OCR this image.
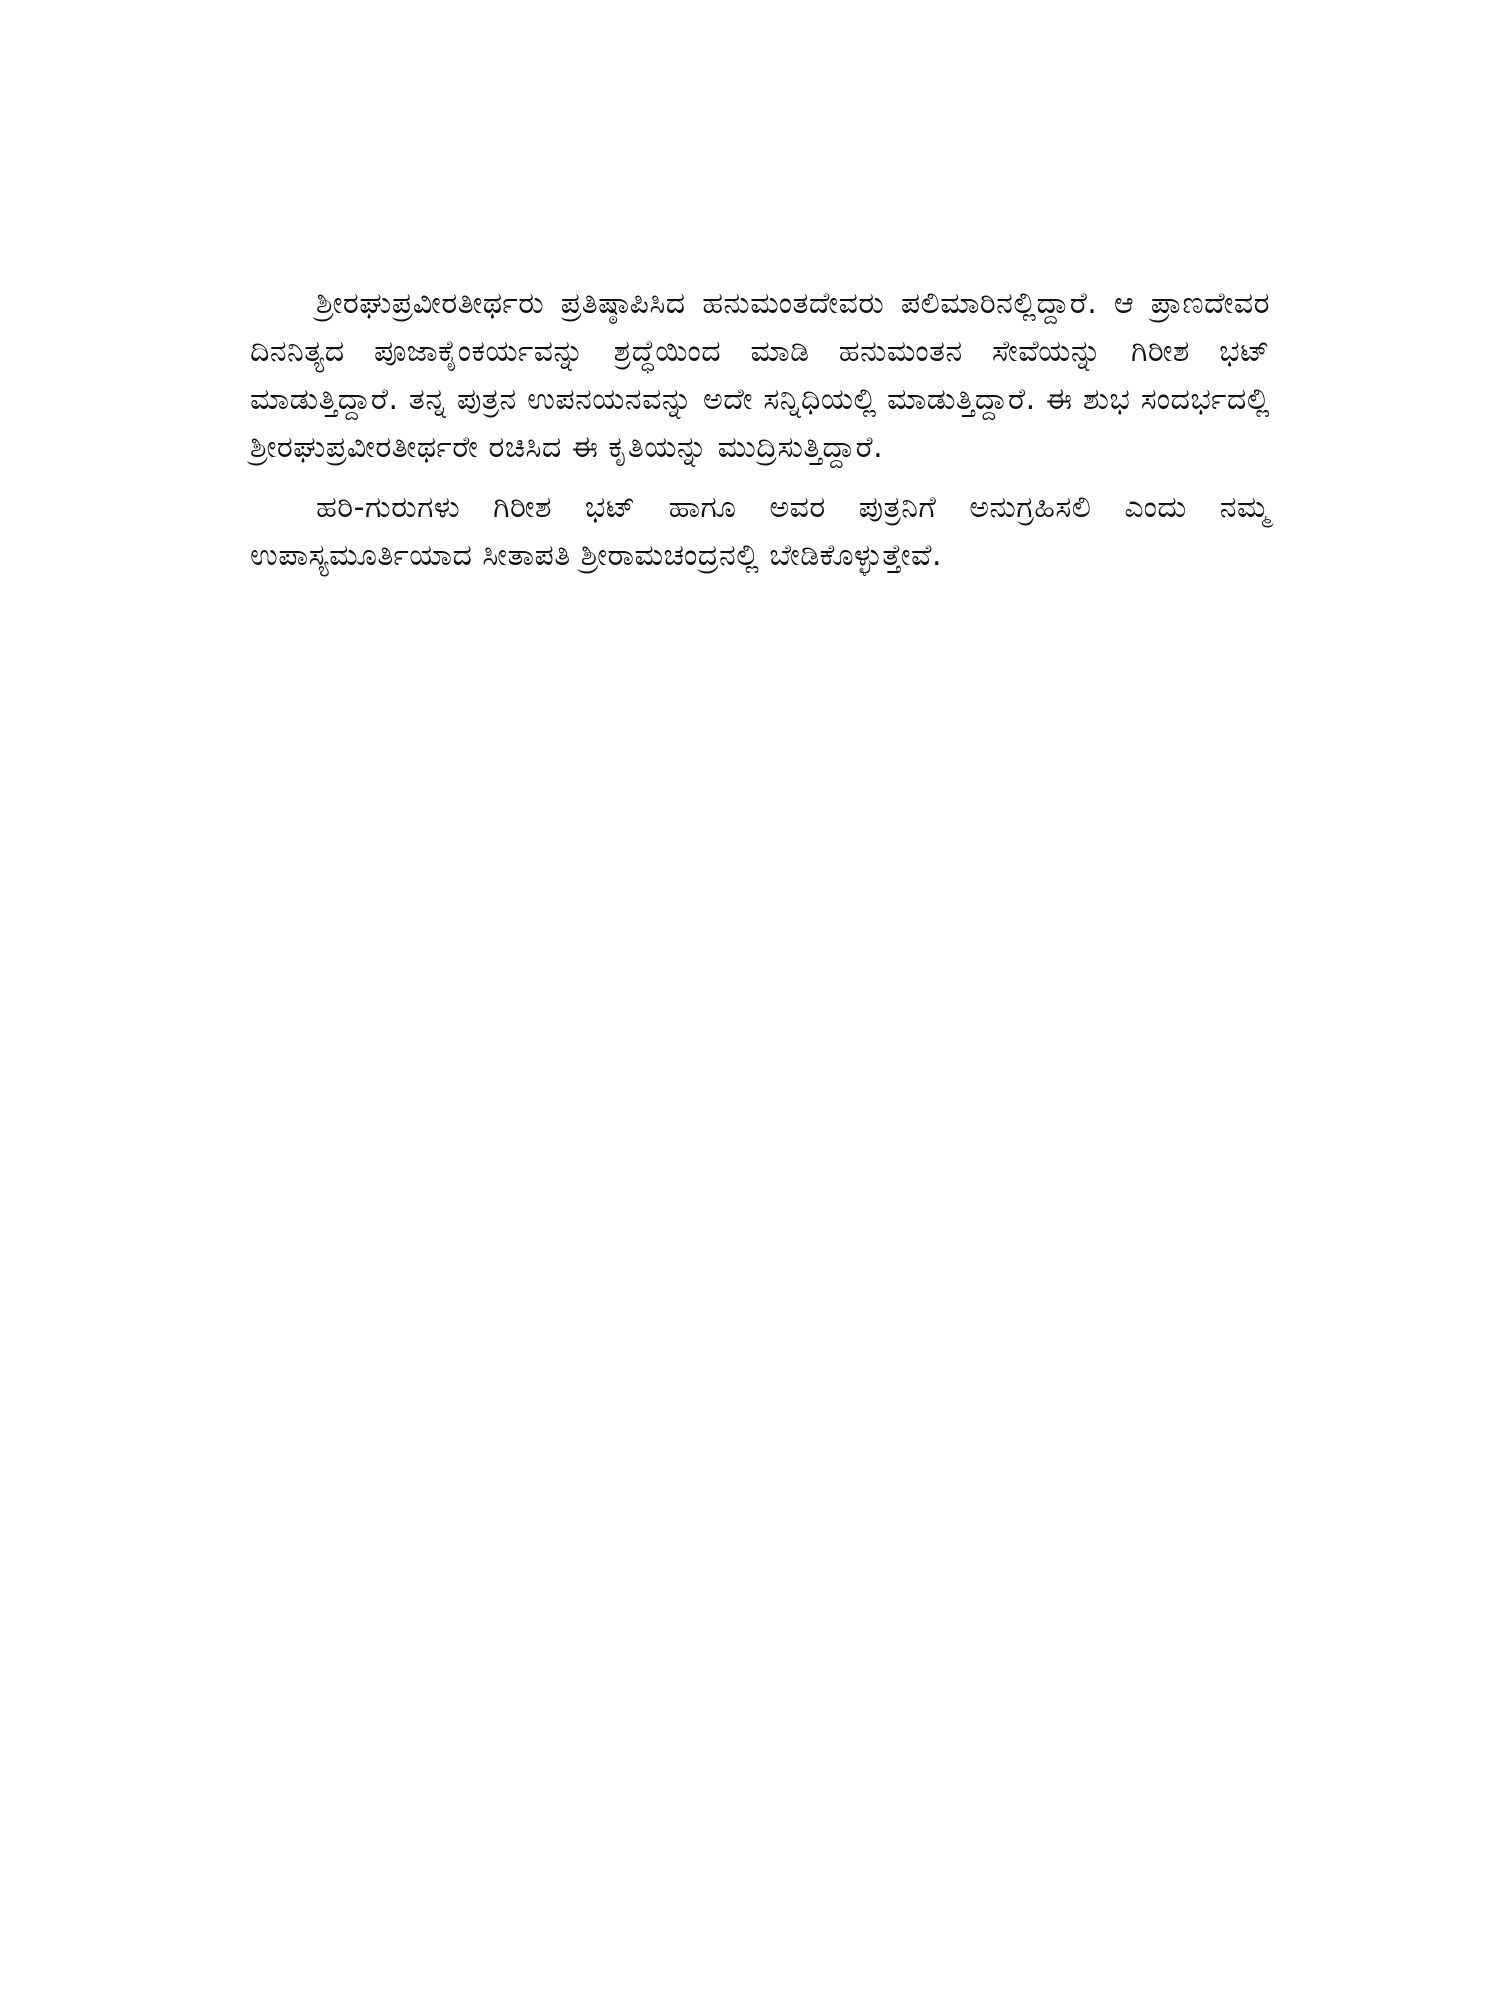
ಶ್ರೀರಘುಪ್ರವೀರತೀರ್ಥರು ಪ್ರತಿಷ್ಠಾಪಿಸಿದ ಹನುಮಂತದೇವರು ಪಲಿಮಾರಿನಲ್ಲಿದ್ದಾರೆ. ಆ ಪ್ರಾಣದೇವರ ದಿನನಿತ್ಯದ ಪೂಜಾಕೈಂಕರ್ಯವನ್ನು ಶ್ರದ್ಧೆಯಿಂದ ಮಾಡಿ ಹನುಮಂತನ ಸೇವೆಯನ್ನು ಗಿರೀಶ ಭಟ್ ಮಾಡುತ್ತಿದ್ದಾರೆ. ತನ್ನ ಪುತ್ರನ ಉಪನಯನವನ್ನು ಅದೇ ಸನ್ನಿಧಿಯಲ್ಲಿ ಮಾಡುತ್ತಿದ್ದಾರೆ. ಈ ಶುಭ ಸಂದರ್ಭದಲ್ಲಿ ಶ್ರೀರಘುಪ್ರವೀರತೀರ್ಥರೇ ರಚಿಸಿದ ಈ ಕೃತಿಯನ್ನು ಮುದ್ರಿಸುತ್ತಿದ್ದಾರೆ.

ಹರಿ-ಗುರುಗಳು ಗಿರೀಶ ಭಟ್ ಹಾಗೂ ಅವರ ಪುತ್ರನಿಗೆ ಅನುಗ್ರಹಿಸಲಿ ಎಂದು ನಮ್ಮ ಉಪಾಸ್ಯಮೂರ್ತಿಯಾದ ಸೀತಾಪತಿ ಶ್ರೀರಾಮಚಂದ್ರನಲ್ಲಿ ಬೇಡಿಕೊಳ್ಳುತ್ತೇವೆ.
